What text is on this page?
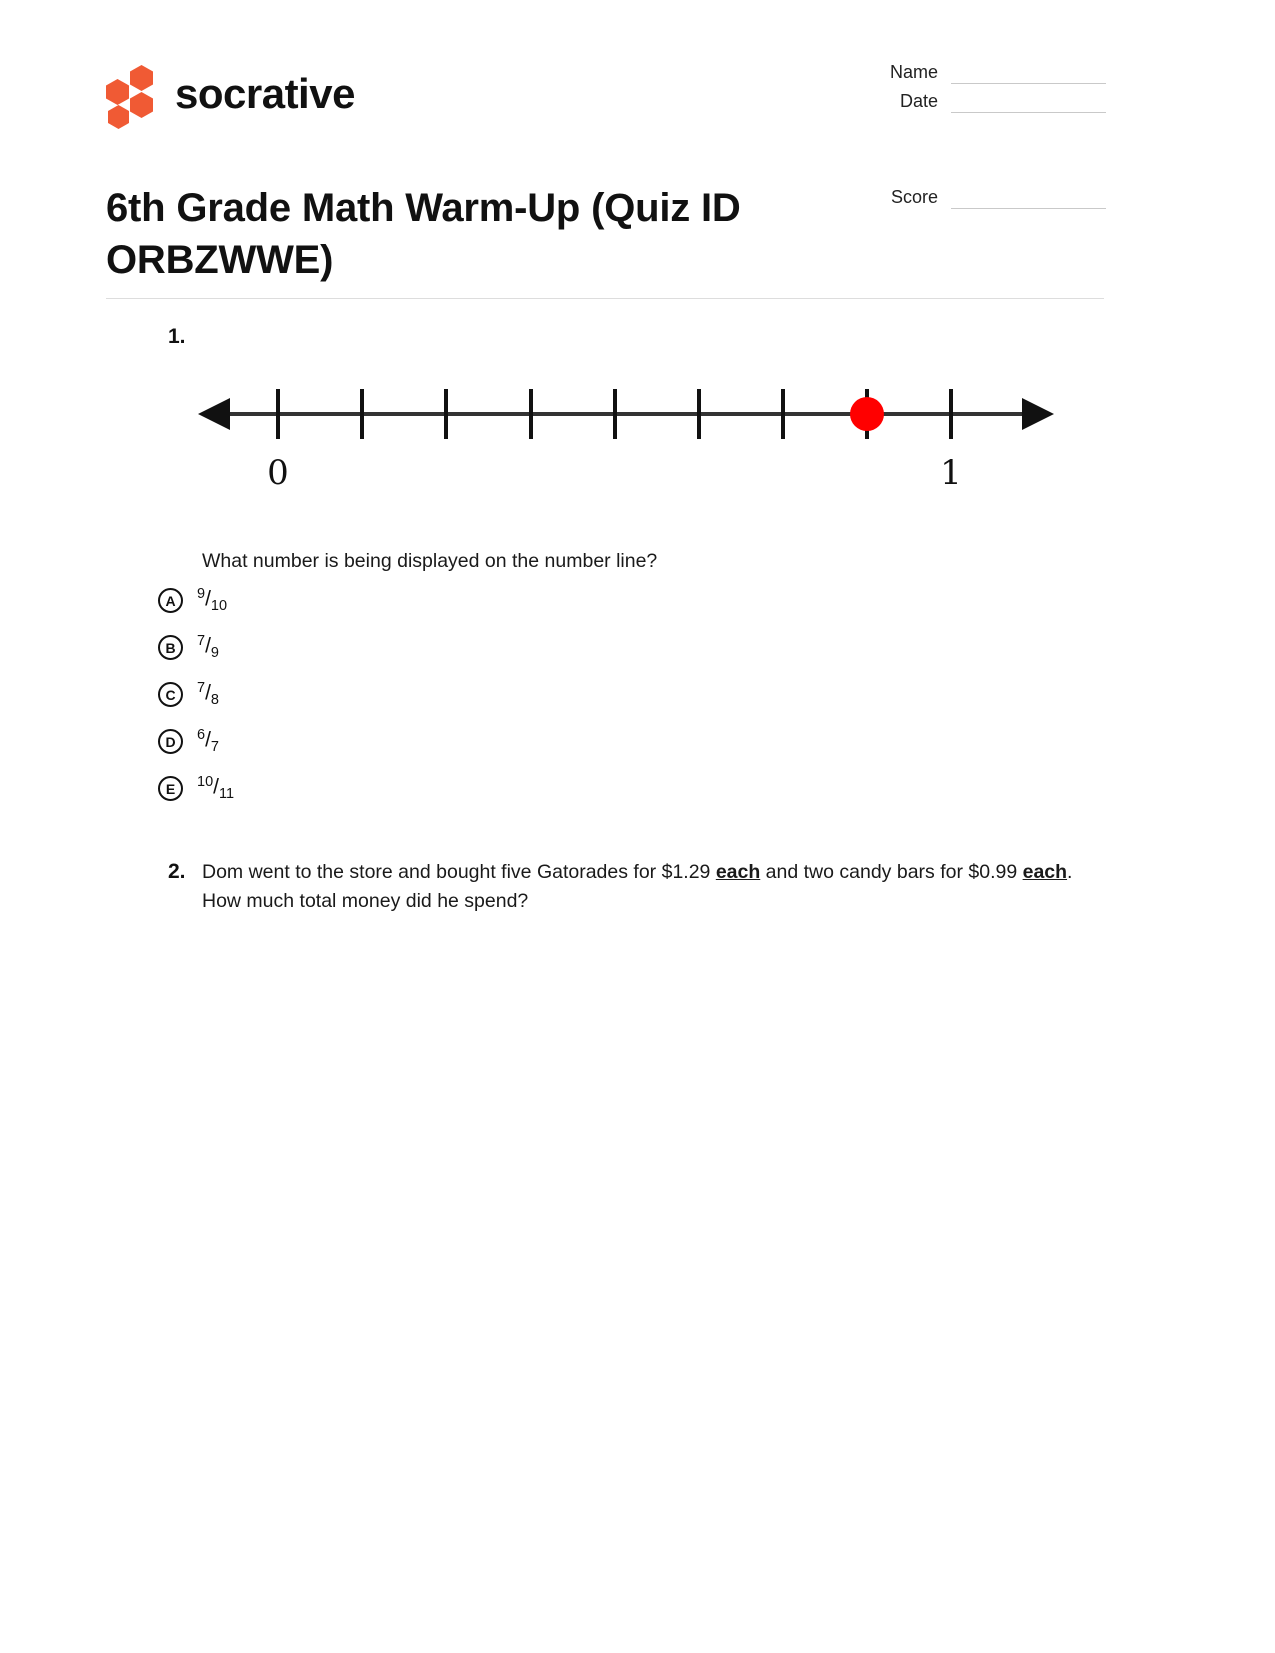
socrative
6th Grade Math Warm-Up (Quiz ID ORBZWWE)
Name
Date
Score
1.
0	1
What number is being displayed on the number line?
A	$^9/_{10}$
B	$^7/_9$
C	$^7/_8$
D	$^6/_7$
E	$^{10}/_{11}$
2. Dom went to the store and bought five Gatorades for $1.29 each and two candy bars for $0.99 each. How much total money did he spend?
